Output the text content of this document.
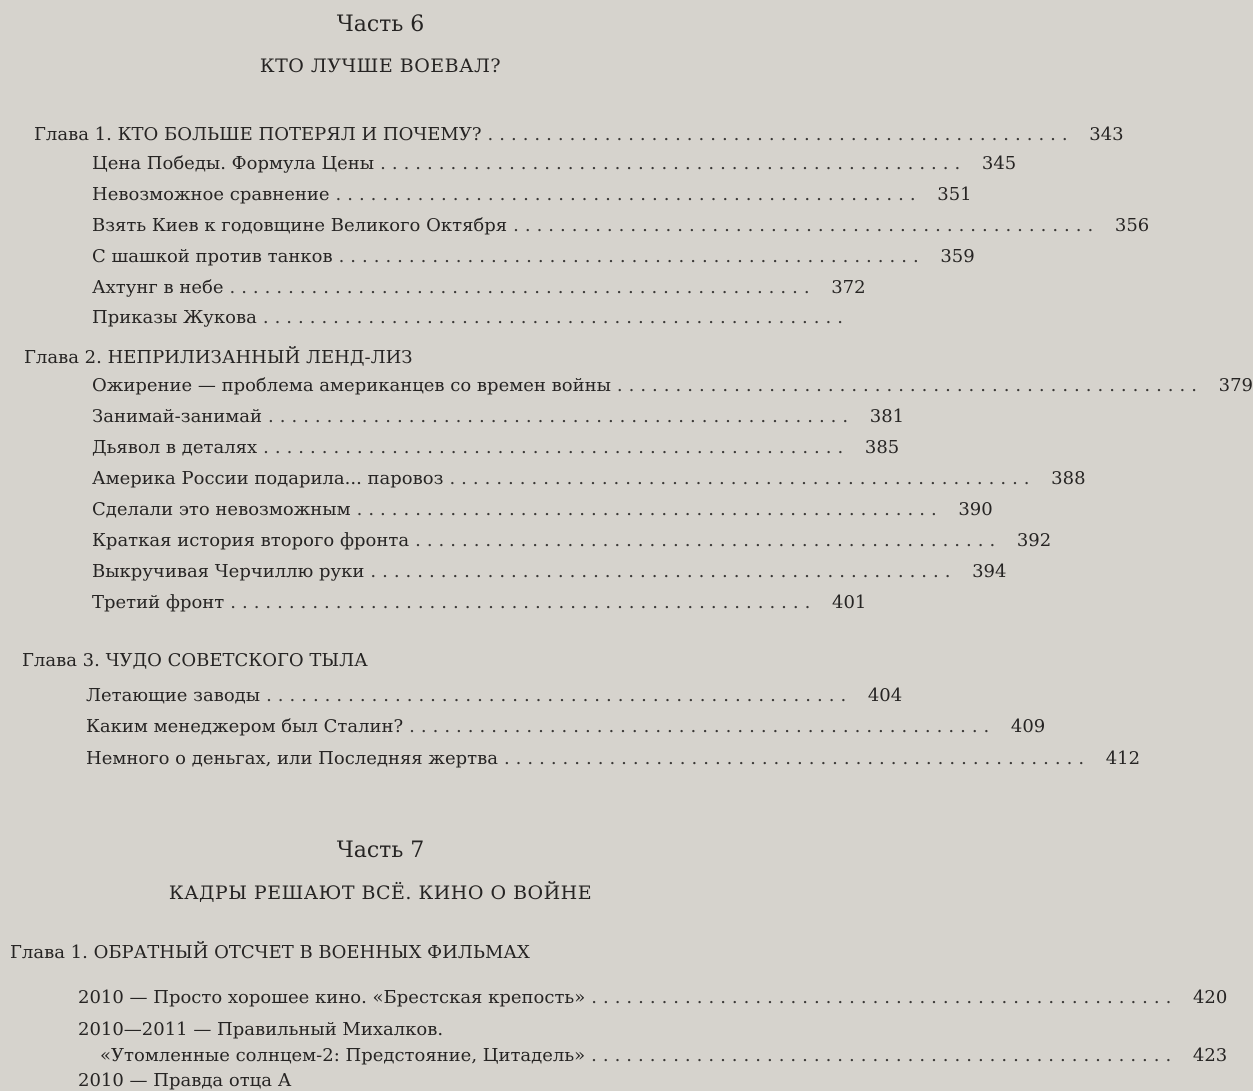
Часть 6
КТО ЛУЧШЕ ВОЕВАЛ?
Глава 1. КТО БОЛЬШЕ ПОТЕРЯЛ И ПОЧЕМУ? .................................................. 343
Цена Победы. Формула Цены .................................................. 345
Невозможное сравнение .................................................. 351
Взять Киев к годовщине Великого Октября .................................................. 356
С шашкой против танков .................................................. 359
Ахтунг в небе .................................................. 372
Приказы Жукова ..................................................
Глава 2. НЕПРИЛИЗАННЫЙ ЛЕНД-ЛИЗ
Ожирение — проблема американцев со времен войны .................................................. 379
Занимай-занимай .................................................. 381
Дьявол в деталях .................................................. 385
Америка России подарила... паровоз .................................................. 388
Сделали это невозможным .................................................. 390
Краткая история второго фронта .................................................. 392
Выкручивая Черчиллю руки .................................................. 394
Третий фронт .................................................. 401
Глава 3. ЧУДО СОВЕТСКОГО ТЫЛА
Летающие заводы .................................................. 404
Каким менеджером был Сталин? .................................................. 409
Немного о деньгах, или Последняя жертва .................................................. 412
Часть 7
КАДРЫ РЕШАЮТ ВСЁ. КИНО О ВОЙНЕ
Глава 1. ОБРАТНЫЙ ОТСЧЕТ В ВОЕННЫХ ФИЛЬМАХ
2010 — Просто хорошее кино. «Брестская крепость» .................................................. 420
2010—2011 — Правильный Михалков.
«Утомленные солнцем-2: Предстояние, Цитадель» .................................................. 423
2010 — Правда отца А
